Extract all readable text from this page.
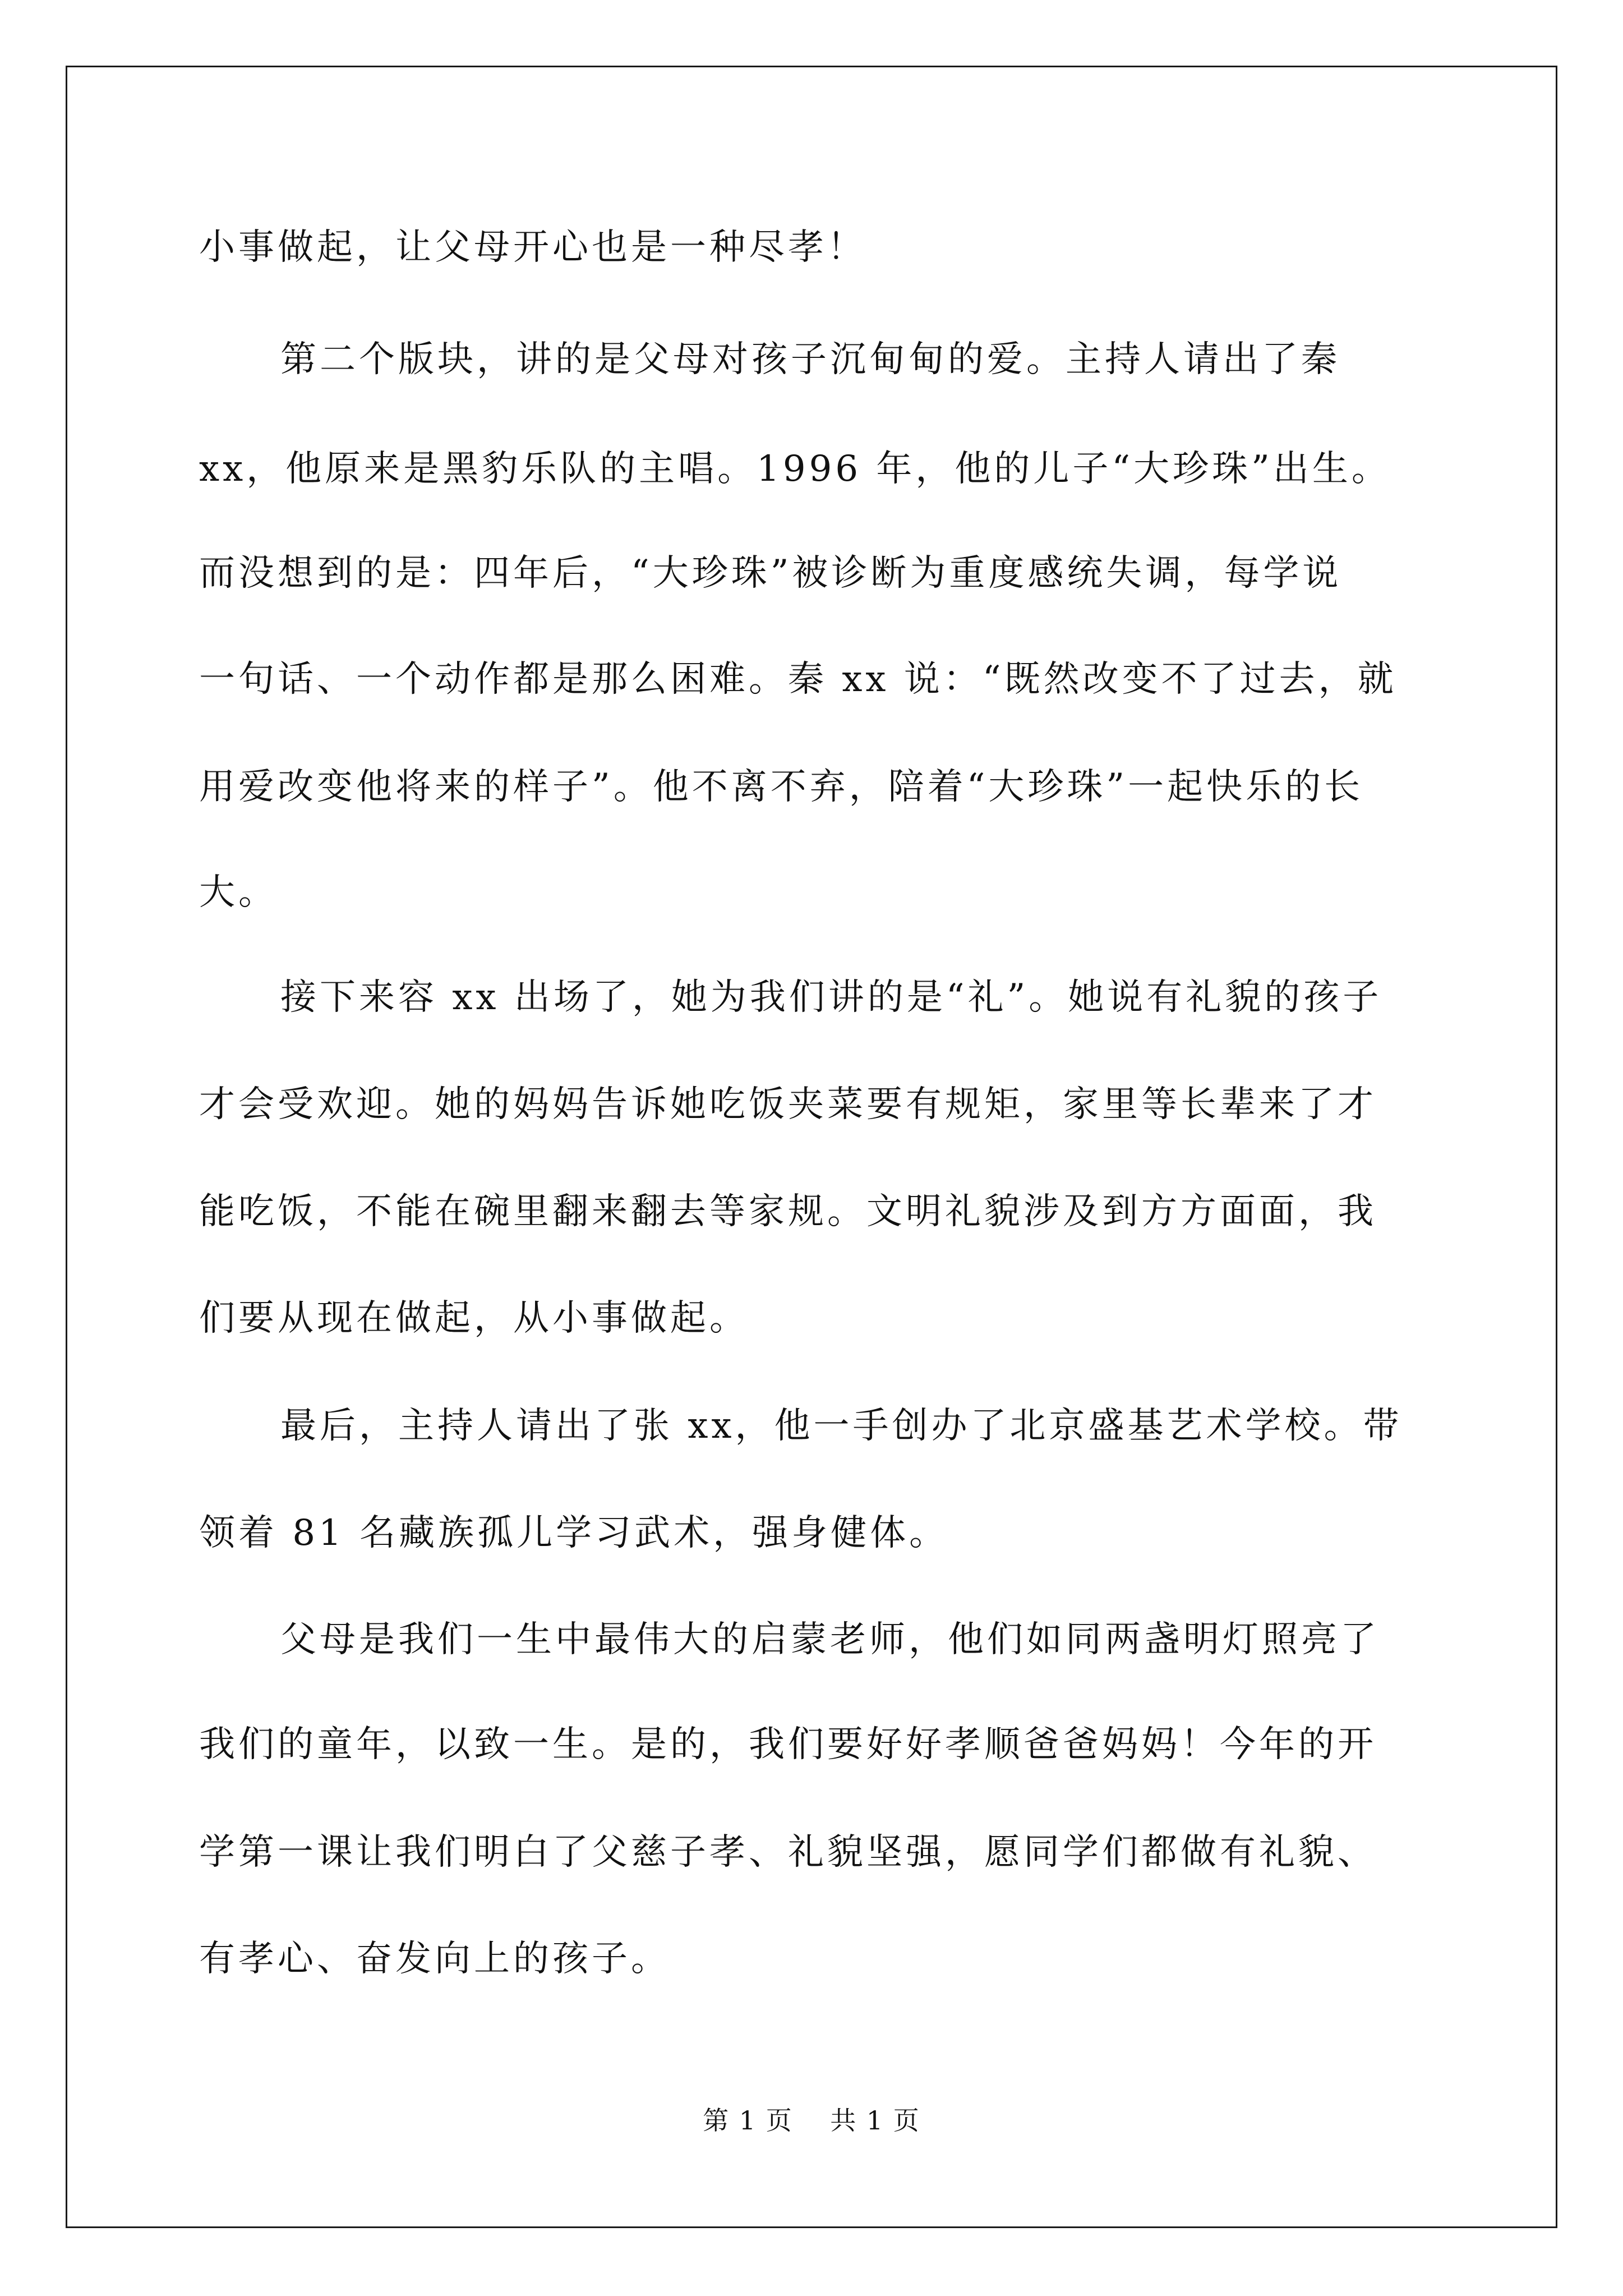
小事做起，让父母开心也是一种尽孝！
第二个版块，讲的是父母对孩子沉甸甸的爱。主持人请出了秦
xx，他原来是黑豹乐队的主唱。1996 年，他的儿子“大珍珠”出生。
而没想到的是：四年后，“大珍珠”被诊断为重度感统失调，每学说
一句话、一个动作都是那么困难。秦 xx 说：“既然改变不了过去，就
用爱改变他将来的样子”。他不离不弃，陪着“大珍珠”一起快乐的长
大。
接下来容 xx 出场了，她为我们讲的是“礼”。她说有礼貌的孩子
才会受欢迎。她的妈妈告诉她吃饭夹菜要有规矩，家里等长辈来了才
能吃饭，不能在碗里翻来翻去等家规。文明礼貌涉及到方方面面，我
们要从现在做起，从小事做起。
最后，主持人请出了张 xx，他一手创办了北京盛基艺术学校。带
领着 81 名藏族孤儿学习武术，强身健体。
父母是我们一生中最伟大的启蒙老师，他们如同两盏明灯照亮了
我们的童年，以致一生。是的，我们要好好孝顺爸爸妈妈！今年的开
学第一课让我们明白了父慈子孝、礼貌坚强，愿同学们都做有礼貌、
有孝心、奋发向上的孩子。
第 1 页    共 1 页
